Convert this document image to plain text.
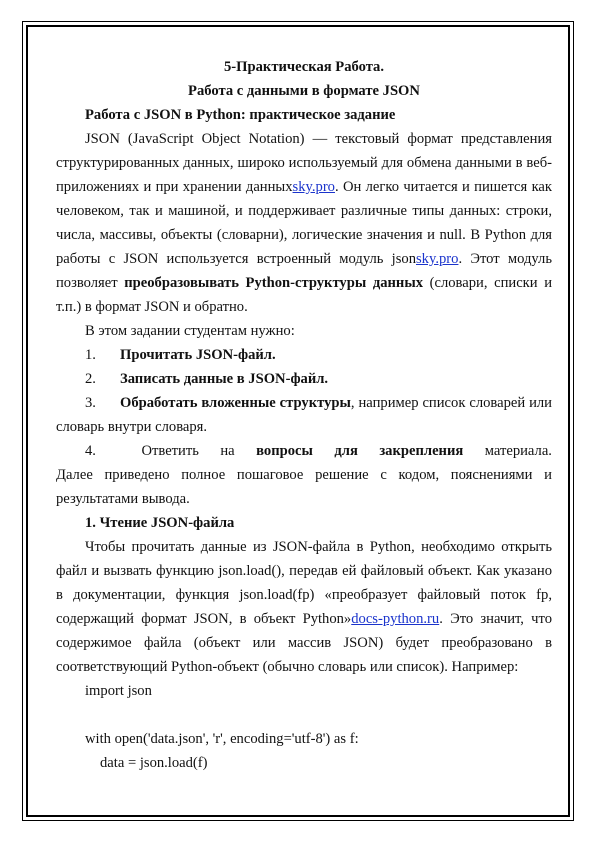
5-Практическая Работа.

Работа с данными в формате JSON

Работа с JSON в Python: практическое задание

JSON (JavaScript Object Notation) — текстовый формат представления структурированных данных, широко используемый для обмена данными в веб-приложениях и при хранении данныхsky.pro. Он легко читается и пишется как человеком, так и машиной, и поддерживает различные типы данных: строки, числа, массивы, объекты (словарни), логические значения и null. В Python для работы с JSON используется встроенный модуль jsonsky.pro. Этот модуль позволяет преобразовывать Python-структуры данных (словари, списки и т.п.) в формат JSON и обратно.

В этом задании студентам нужно:

1.	Прочитать JSON-файл.
2.	Записать данные в JSON-файл.

3. Обработать вложенные структуры, например список словарей или словарь внутри словаря.

4.	Ответить на вопросы для закрепления материала.

Далее приведено полное пошаговое решение с кодом, пояснениями и результатами вывода.

1. Чтение JSON-файла

Чтобы прочитать данные из JSON-файла в Python, необходимо открыть файл и вызвать функцию json.load(), передав ей файловый объект. Как указано в документации, функция json.load(fp) «преобразует файловый поток fp, содержащий формат JSON, в объект Python»docs-python.ru. Это значит, что содержимое файла (объект или массив JSON) будет преобразовано в соответствующий Python-объект (обычно словарь или список). Например:

import json

with open('data.json', 'r', encoding='utf-8') as f:

data = json.load(f)
